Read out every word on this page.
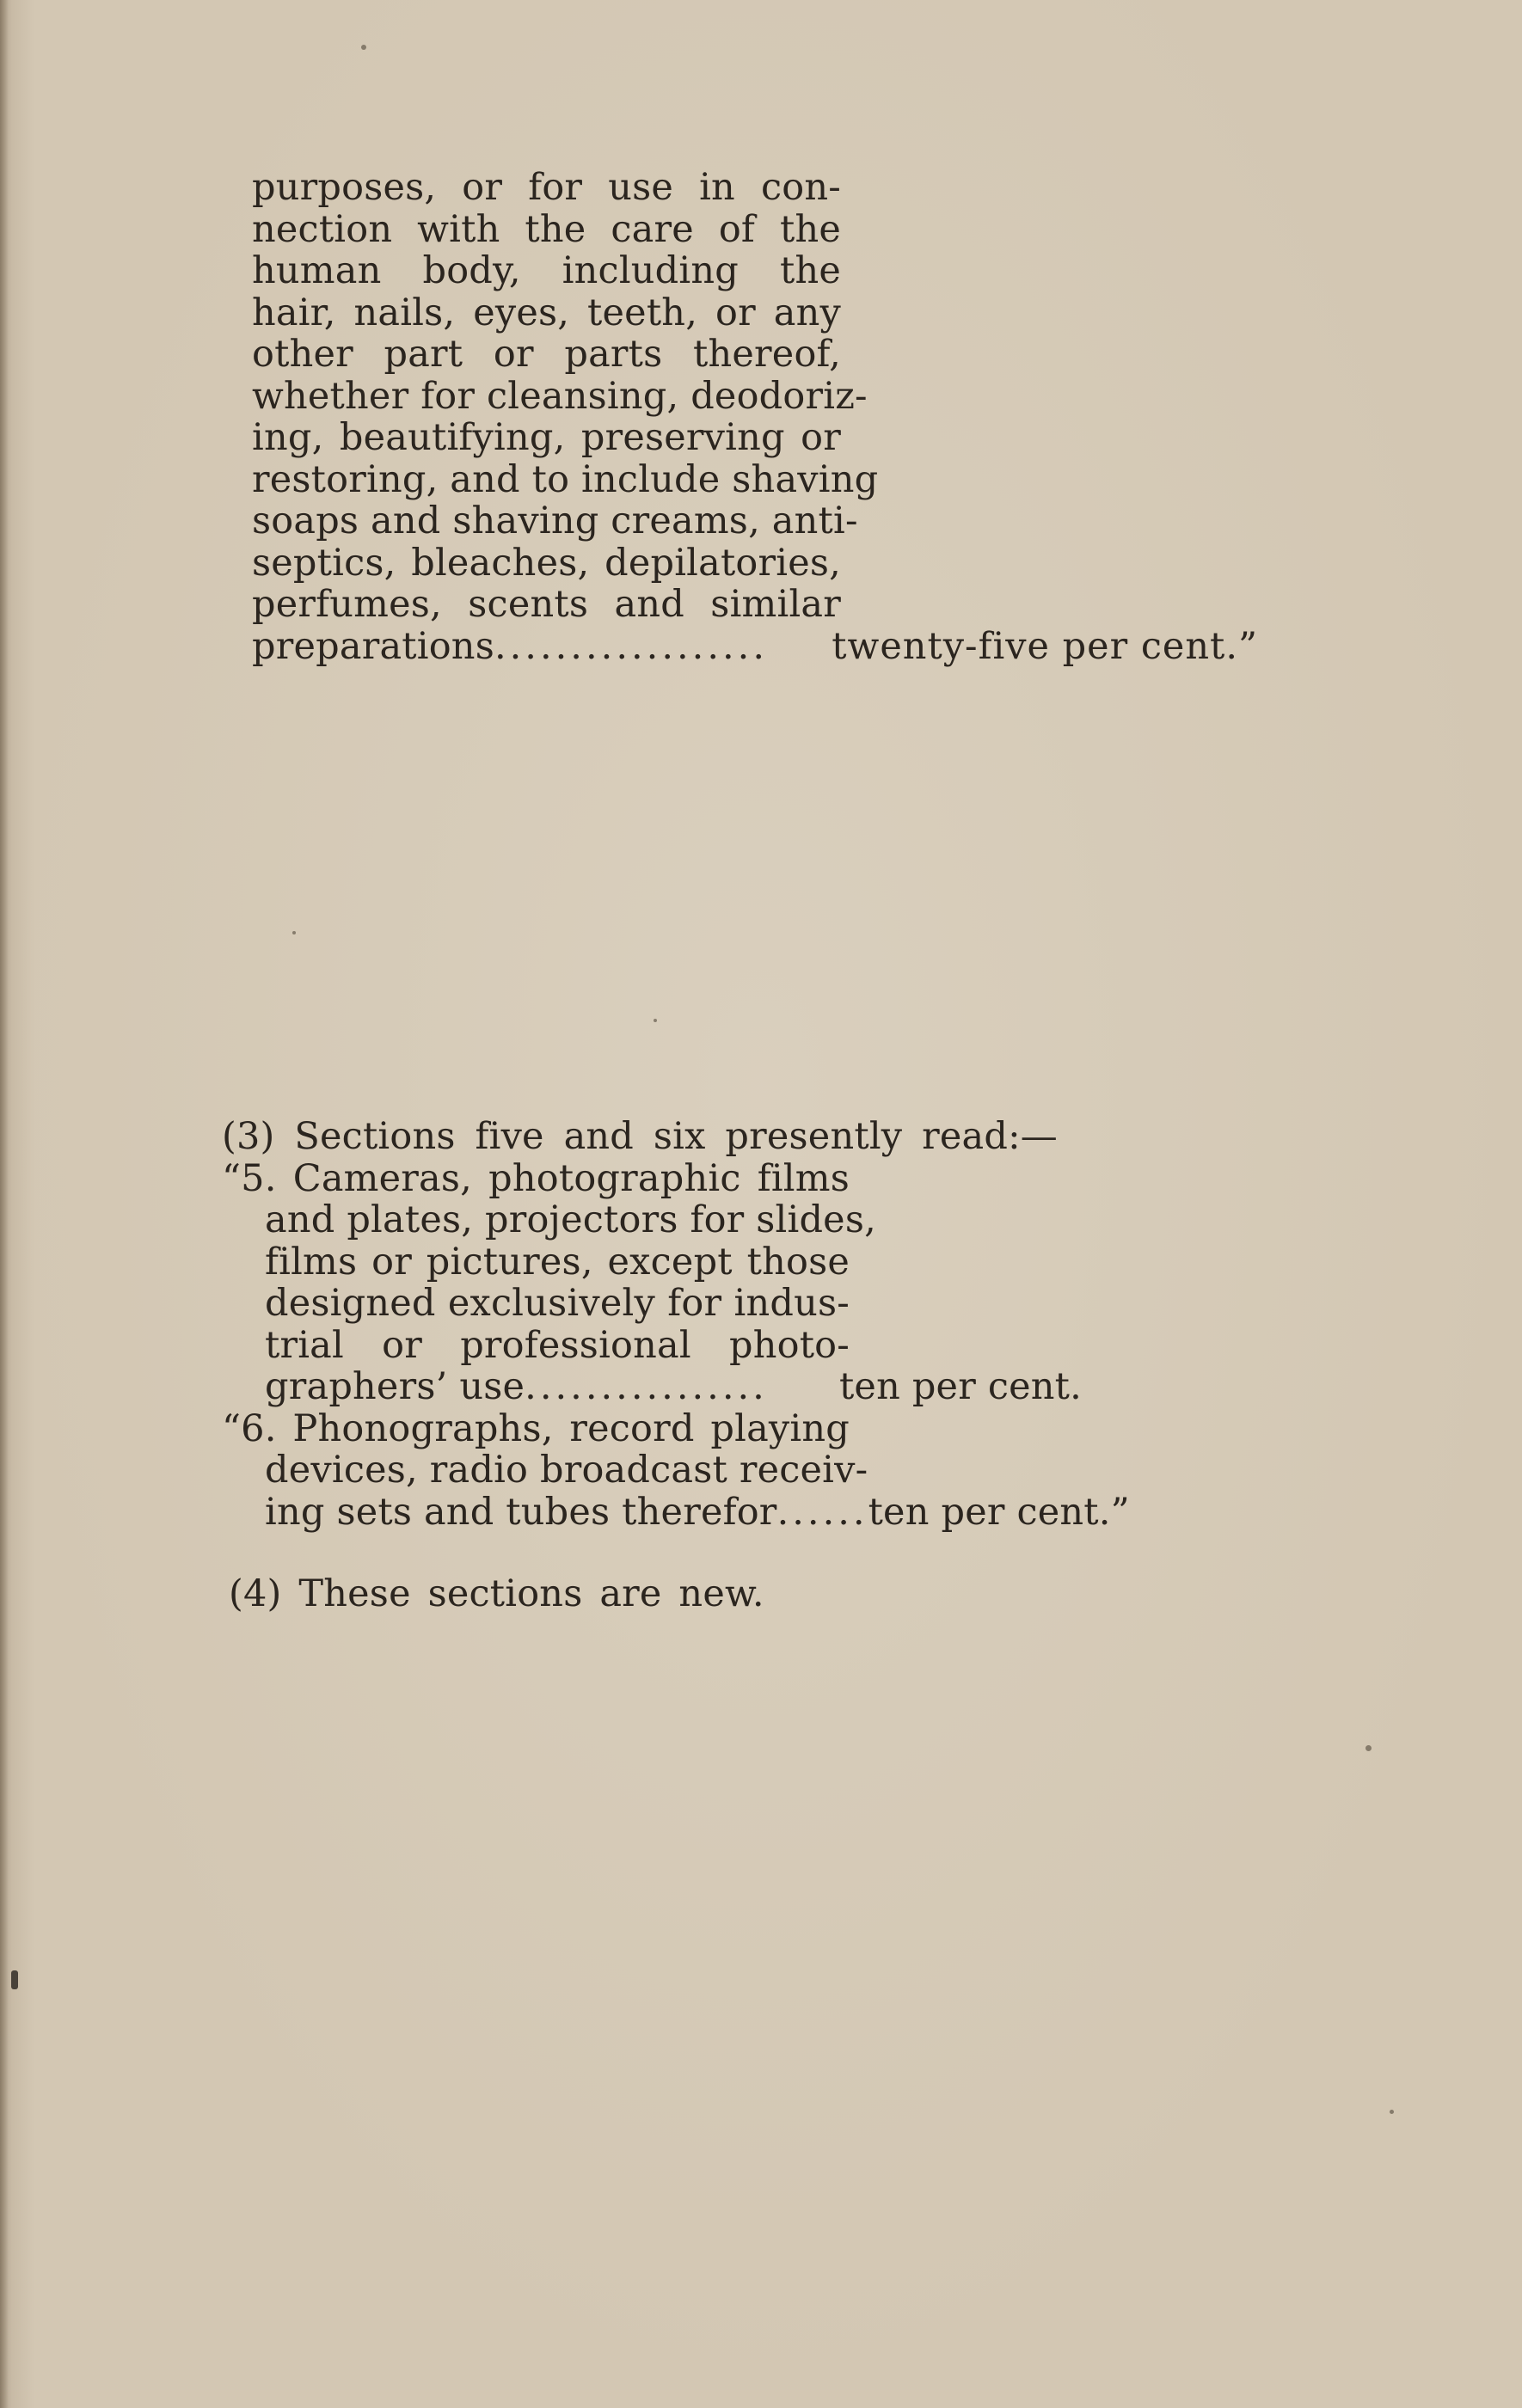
purposes, or for use in con-
nection with the care of the
human body, including the
hair, nails, eyes, teeth, or any
other part or parts thereof,
whether for cleansing, deodoriz-
ing, beautifying, preserving or
restoring, and to include shaving
soaps and shaving creams, anti-
septics, bleaches, depilatories,
perfumes, scents and similar
preparations ..................	twenty-five per cent.”
(3) Sections five and six presently read:—
“5. Cameras, photographic films
and plates, projectors for slides,
films or pictures, except those
designed exclusively for indus-
trial or professional photo-
graphers’ use ................	ten per cent.
“6. Phonographs, record playing
devices, radio broadcast receiv-
ing sets and tubes therefor ...... ten per cent.”
(4) These sections are new.
